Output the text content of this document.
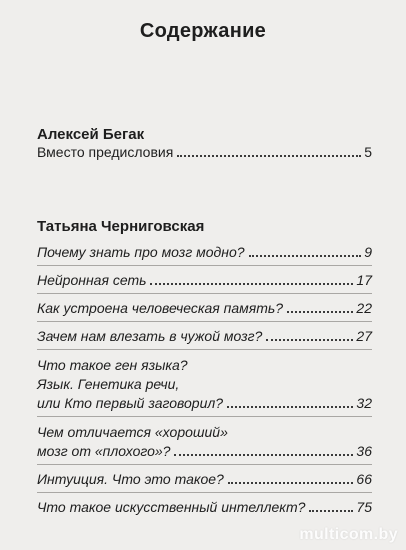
Содержание
Алексей Бегак
Вместо предисловия	5
Татьяна Черниговская
Почему знать про мозг модно?	9
Нейронная сеть	17
Как устроена человеческая память?	22
Зачем нам влезать в чужой мозг?	27
Что такое ген языка?
Язык. Генетика речи,
или Кто первый заговорил?	32
Чем отличается «хороший»
мозг от «плохого»?	36
Интуиция. Что это такое?	66
Что такое искусственный интеллект?	75
multicom.by
